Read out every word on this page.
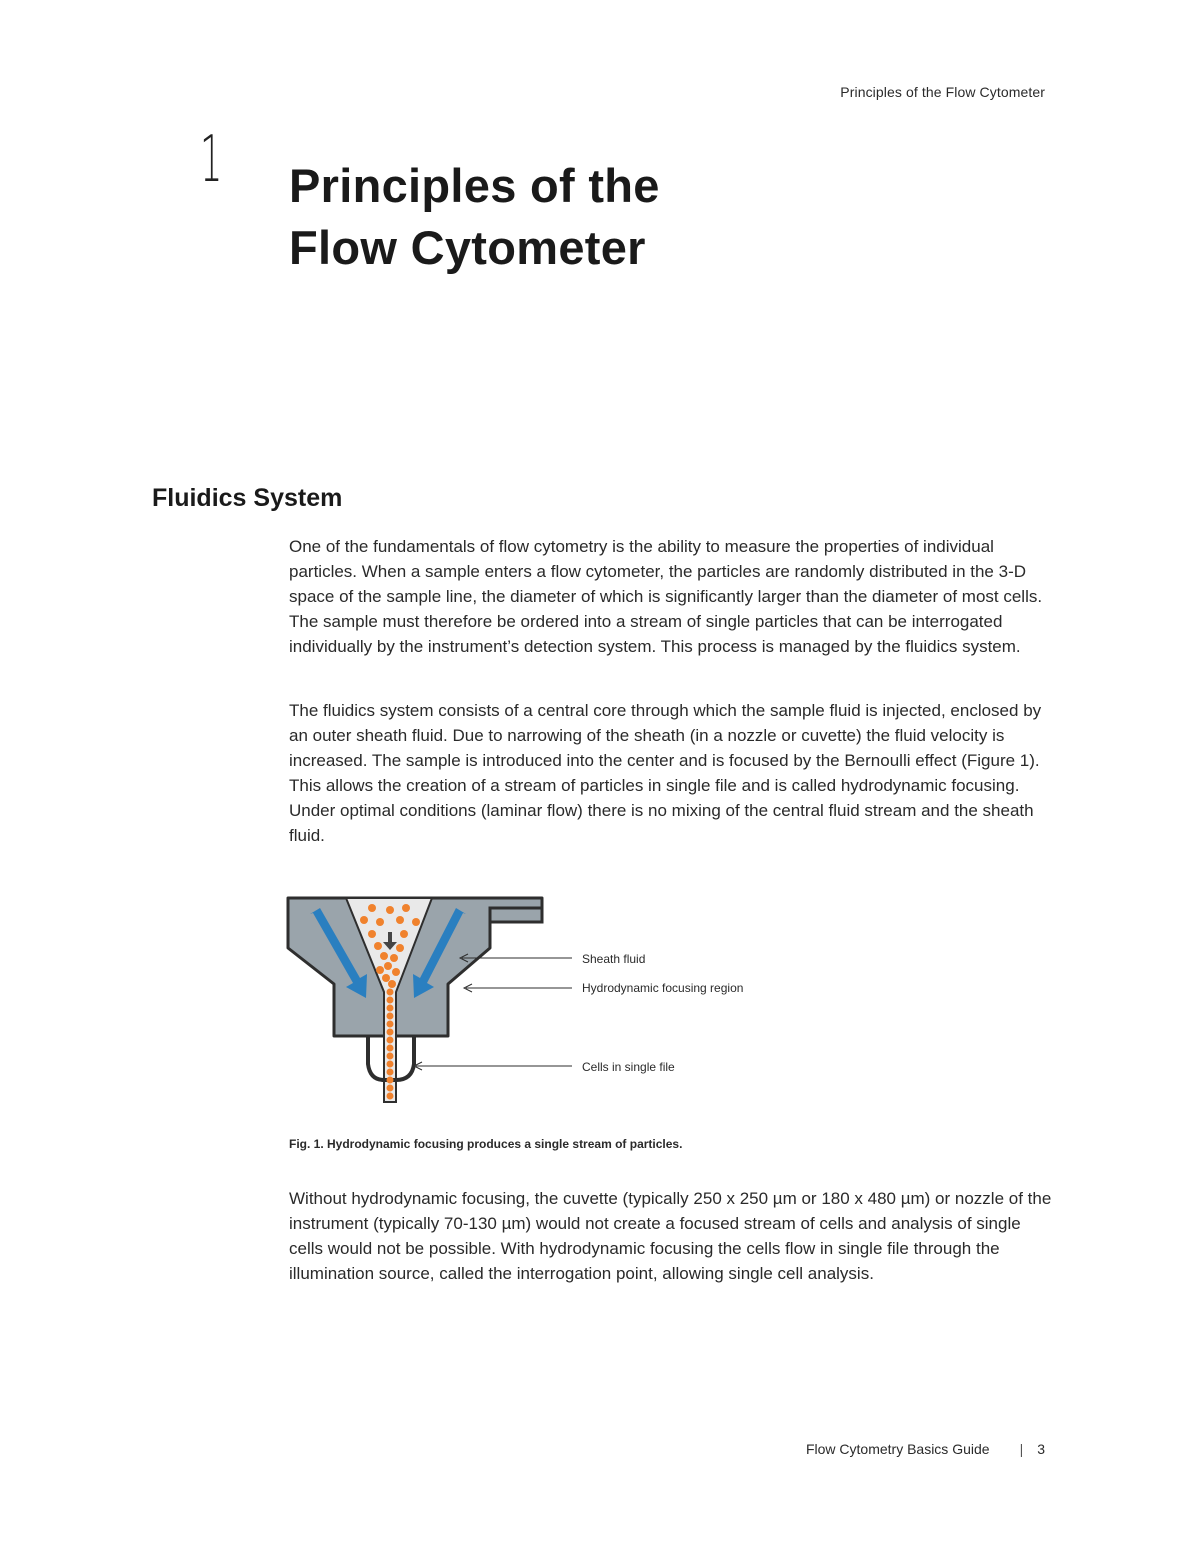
Principles of the Flow Cytometer
1 Principles of the
Flow Cytometer
Fluidics System

One of the fundamentals of flow cytometry is the ability to measure the properties of individual particles. When a sample enters a flow cytometer, the particles are randomly distributed in the 3-D space of the sample line, the diameter of which is significantly larger than the diameter of most cells. The sample must therefore be ordered into a stream of single particles that can be interrogated individually by the instrument’s detection system. This process is managed by the fluidics system.

The fluidics system consists of a central core through which the sample fluid is injected, enclosed by an outer sheath fluid. Due to narrowing of the sheath (in a nozzle or cuvette) the fluid velocity is increased. The sample is introduced into the center and is focused by the Bernoulli effect (Figure 1). This allows the creation of a stream of particles in single file and is called hydrodynamic focusing. Under optimal conditions (laminar flow) there is no mixing of the central fluid stream and the sheath fluid.

Sheath fluid
Hydrodynamic focusing region
Cells in single file

Fig. 1. Hydrodynamic focusing produces a single stream of particles.

Without hydrodynamic focusing, the cuvette (typically 250 x 250 µm or 180 x 480 µm) or nozzle of the instrument (typically 70-130 µm) would not create a focused stream of cells and analysis of single cells would not be possible. With hydrodynamic focusing the cells flow in single file through the illumination source, called the interrogation point, allowing single cell analysis.

Flow Cytometry Basics Guide | 3
